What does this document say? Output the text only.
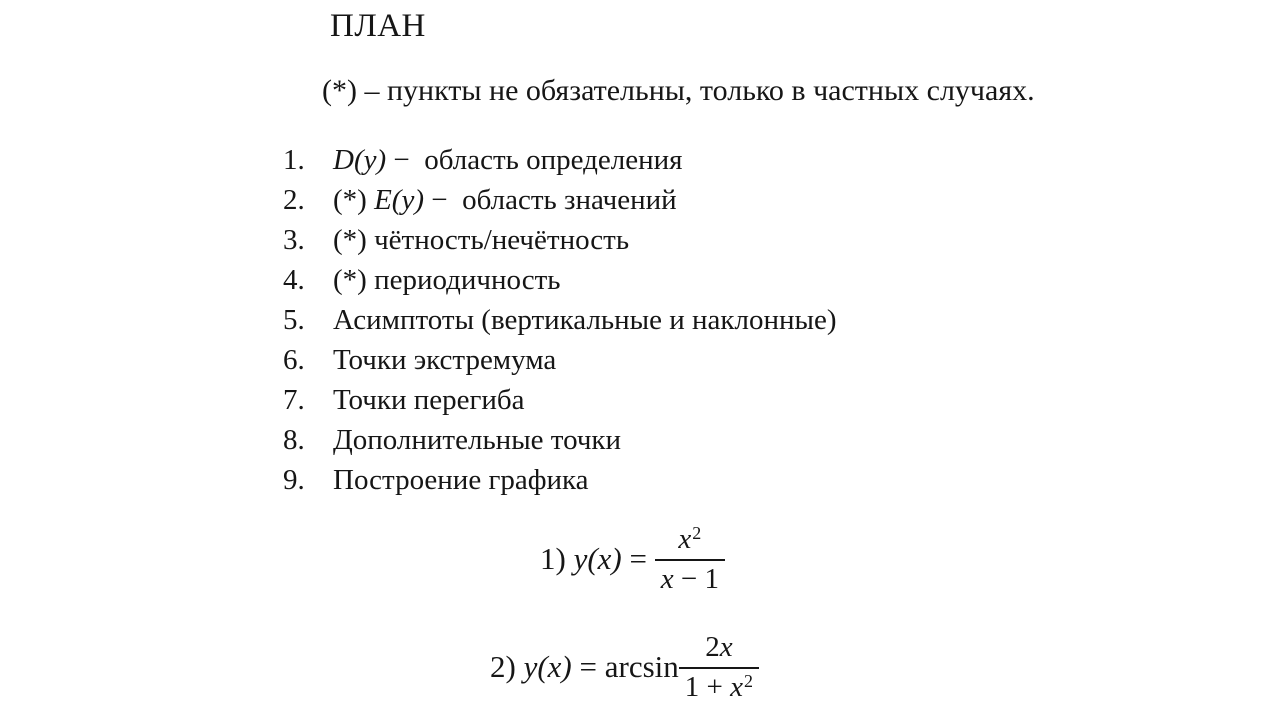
ПЛАН
(*) – пункты не обязательны, только в частных случаях.
1. D(y) −  область определения
2. (*) E(y) −  область значений
3. (*) чётность/нечётность
4. (*) периодичность
5. Асимптоты (вертикальные и наклонные)
6. Точки экстремума
7. Точки перегиба
8. Дополнительные точки
9. Построение графика
1) $y(x) = \frac{x^2}{x - 1}$
2) $y(x) = \arcsin \frac{2x}{1 + x^2}$
